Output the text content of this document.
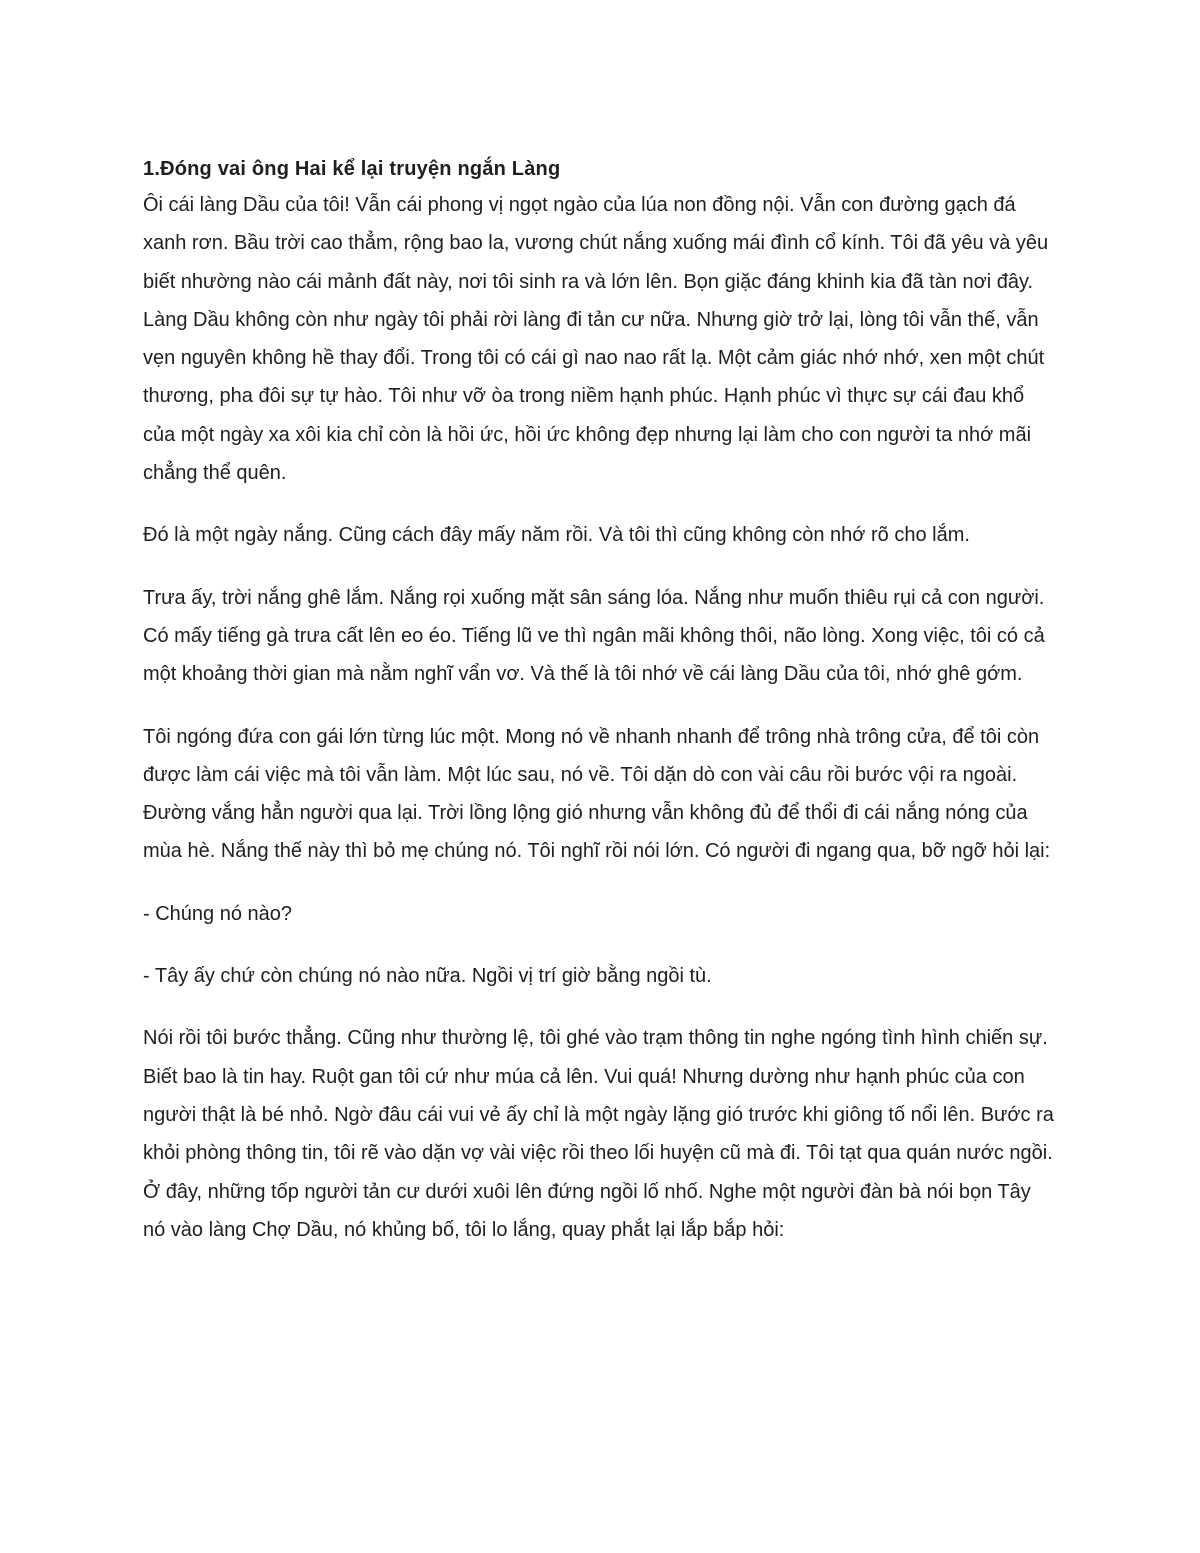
1.Đóng vai ông Hai kể lại truyện ngắn Làng

Ôi cái làng Dầu của tôi! Vẫn cái phong vị ngọt ngào của lúa non đồng nội. Vẫn con đường gạch đá xanh rơn. Bầu trời cao thẳm, rộng bao la, vương chút nắng xuống mái đình cổ kính. Tôi đã yêu và yêu biết nhường nào cái mảnh đất này, nơi tôi sinh ra và lớn lên. Bọn giặc đáng khinh kia đã tàn nơi đây. Làng Dầu không còn như ngày tôi phải rời làng đi tản cư nữa. Nhưng giờ trở lại, lòng tôi vẫn thế, vẫn vẹn nguyên không hề thay đổi. Trong tôi có cái gì nao nao rất lạ. Một cảm giác nhớ nhớ, xen một chút thương, pha đôi sự tự hào. Tôi như vỡ òa trong niềm hạnh phúc. Hạnh phúc vì thực sự cái đau khổ của một ngày xa xôi kia chỉ còn là hồi ức, hồi ức không đẹp nhưng lại làm cho con người ta nhớ mãi chẳng thể quên.

Đó là một ngày nắng. Cũng cách đây mấy năm rồi. Và tôi thì cũng không còn nhớ rõ cho lắm.

Trưa ấy, trời nắng ghê lắm. Nắng rọi xuống mặt sân sáng lóa. Nắng như muốn thiêu rụi cả con người. Có mấy tiếng gà trưa cất lên eo éo. Tiếng lũ ve thì ngân mãi không thôi, não lòng. Xong việc, tôi có cả một khoảng thời gian mà nằm nghĩ vẩn vơ. Và thế là tôi nhớ về cái làng Dầu của tôi, nhớ ghê gớm.

Tôi ngóng đứa con gái lớn từng lúc một. Mong nó về nhanh nhanh để trông nhà trông cửa, để tôi còn được làm cái việc mà tôi vẫn làm. Một lúc sau, nó về. Tôi dặn dò con vài câu rồi bước vội ra ngoài. Đường vắng hẳn người qua lại. Trời lồng lộng gió nhưng vẫn không đủ để thổi đi cái nắng nóng của mùa hè. Nắng thế này thì bỏ mẹ chúng nó. Tôi nghĩ rồi nói lớn. Có người đi ngang qua, bỡ ngỡ hỏi lại:

- Chúng nó nào?

- Tây ấy chứ còn chúng nó nào nữa. Ngồi vị trí giờ bằng ngồi tù.

Nói rồi tôi bước thẳng. Cũng như thường lệ, tôi ghé vào trạm thông tin nghe ngóng tình hình chiến sự. Biết bao là tin hay. Ruột gan tôi cứ như múa cả lên. Vui quá! Nhưng dường như hạnh phúc của con người thật là bé nhỏ. Ngờ đâu cái vui vẻ ấy chỉ là một ngày lặng gió trước khi giông tố nổi lên. Bước ra khỏi phòng thông tin, tôi rẽ vào dặn vợ vài việc rồi theo lối huyện cũ mà đi. Tôi tạt qua quán nước ngồi. Ở đây, những tốp người tản cư dưới xuôi lên đứng ngồi lố nhố. Nghe một người đàn bà nói bọn Tây nó vào làng Chợ Dầu, nó khủng bố, tôi lo lắng, quay phắt lại lắp bắp hỏi:
